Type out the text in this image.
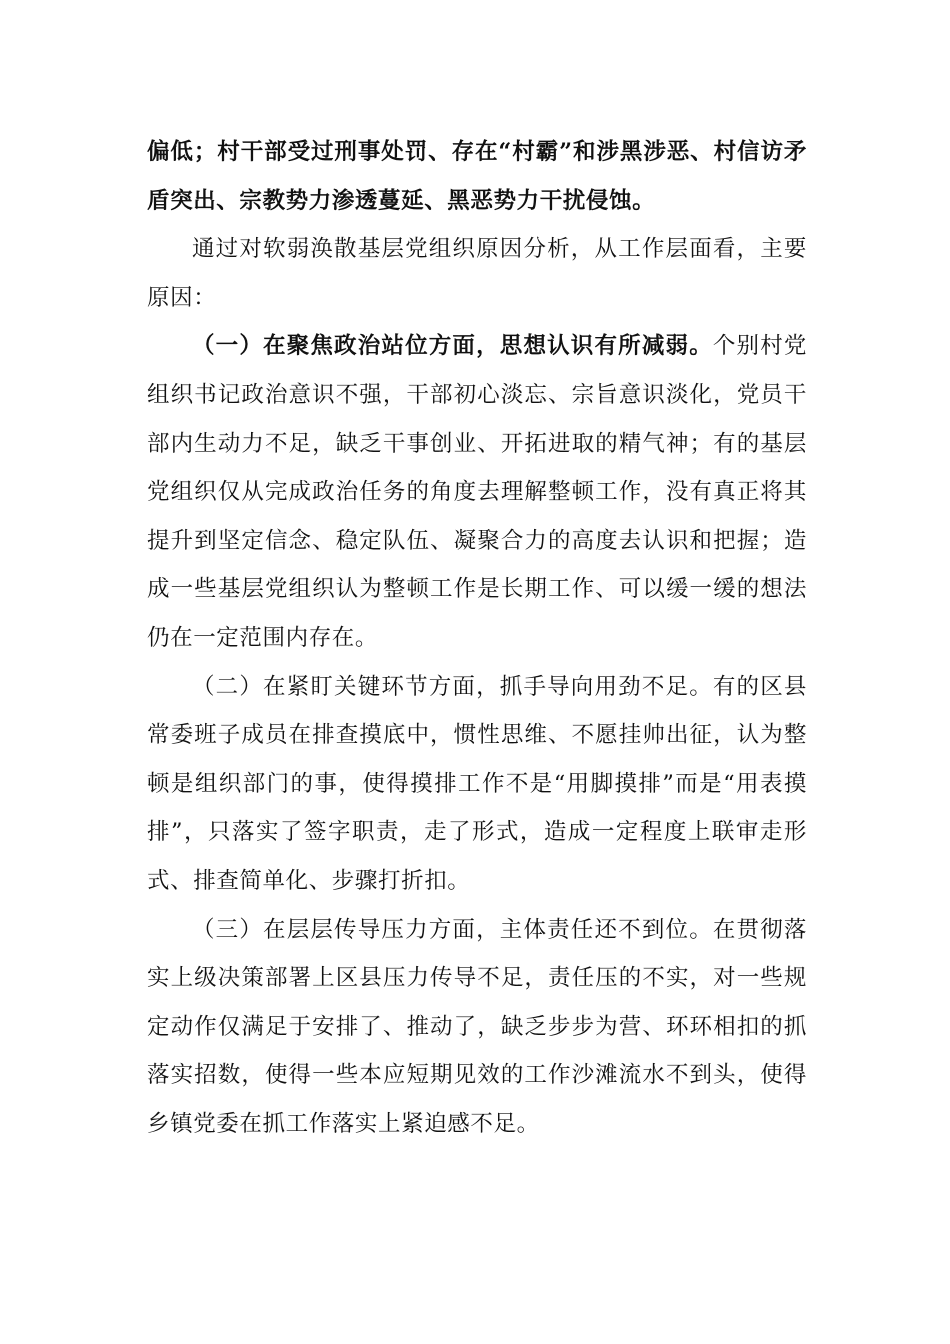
偏低；村干部受过刑事处罚、存在“村霸”和涉黑涉恶、村信访矛盾突出、宗教势力渗透蔓延、黑恶势力干扰侵蚀。

通过对软弱涣散基层党组织原因分析，从工作层面看，主要原因：

（一）在聚焦政治站位方面，思想认识有所减弱。个别村党组织书记政治意识不强，干部初心淡忘、宗旨意识淡化，党员干部内生动力不足，缺乏干事创业、开拓进取的精气神；有的基层党组织仅从完成政治任务的角度去理解整顿工作，没有真正将其提升到坚定信念、稳定队伍、凝聚合力的高度去认识和把握；造成一些基层党组织认为整顿工作是长期工作、可以缓一缓的想法仍在一定范围内存在。

（二）在紧盯关键环节方面，抓手导向用劲不足。有的区县常委班子成员在排查摸底中，惯性思维、不愿挂帅出征，认为整顿是组织部门的事，使得摸排工作不是“用脚摸排”而是“用表摸排”，只落实了签字职责，走了形式，造成一定程度上联审走形式、排查简单化、步骤打折扣。

（三）在层层传导压力方面，主体责任还不到位。在贯彻落实上级决策部署上区县压力传导不足，责任压的不实，对一些规定动作仅满足于安排了、推动了，缺乏步步为营、环环相扣的抓落实招数，使得一些本应短期见效的工作沙滩流水不到头，使得乡镇党委在抓工作落实上紧迫感不足。
